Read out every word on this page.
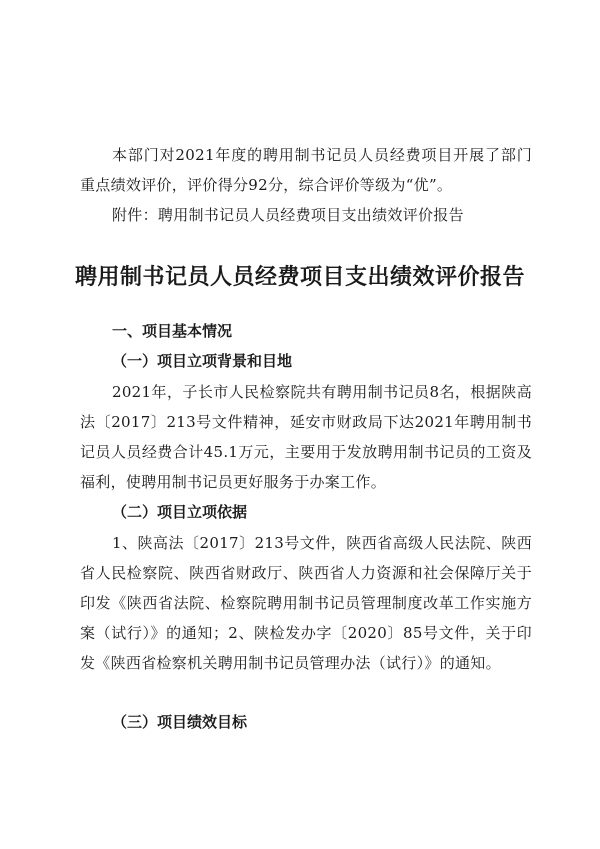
本部门对2021年度的聘用制书记员人员经费项目开展了部门重点绩效评价，评价得分92分，综合评价等级为“优”。

附件：聘用制书记员人员经费项目支出绩效评价报告

聘用制书记员人员经费项目支出绩效评价报告
一、项目基本情况
（一）项目立项背景和目地

2021年，子长市人民检察院共有聘用制书记员8名，根据陕高法〔2017〕213号文件精神，延安市财政局下达2021年聘用制书记员人员经费合计45.1万元，主要用于发放聘用制书记员的工资及福利，使聘用制书记员更好服务于办案工作。

（二）项目立项依据

1、陕高法〔2017〕213号文件，陕西省高级人民法院、陕西省人民检察院、陕西省财政厅、陕西省人力资源和社会保障厅关于印发《陕西省法院、检察院聘用制书记员管理制度改革工作实施方案（试行）》的通知；2、陕检发办字〔2020〕85号文件，关于印发《陕西省检察机关聘用制书记员管理办法（试行）》的通知。

（三）项目绩效目标
